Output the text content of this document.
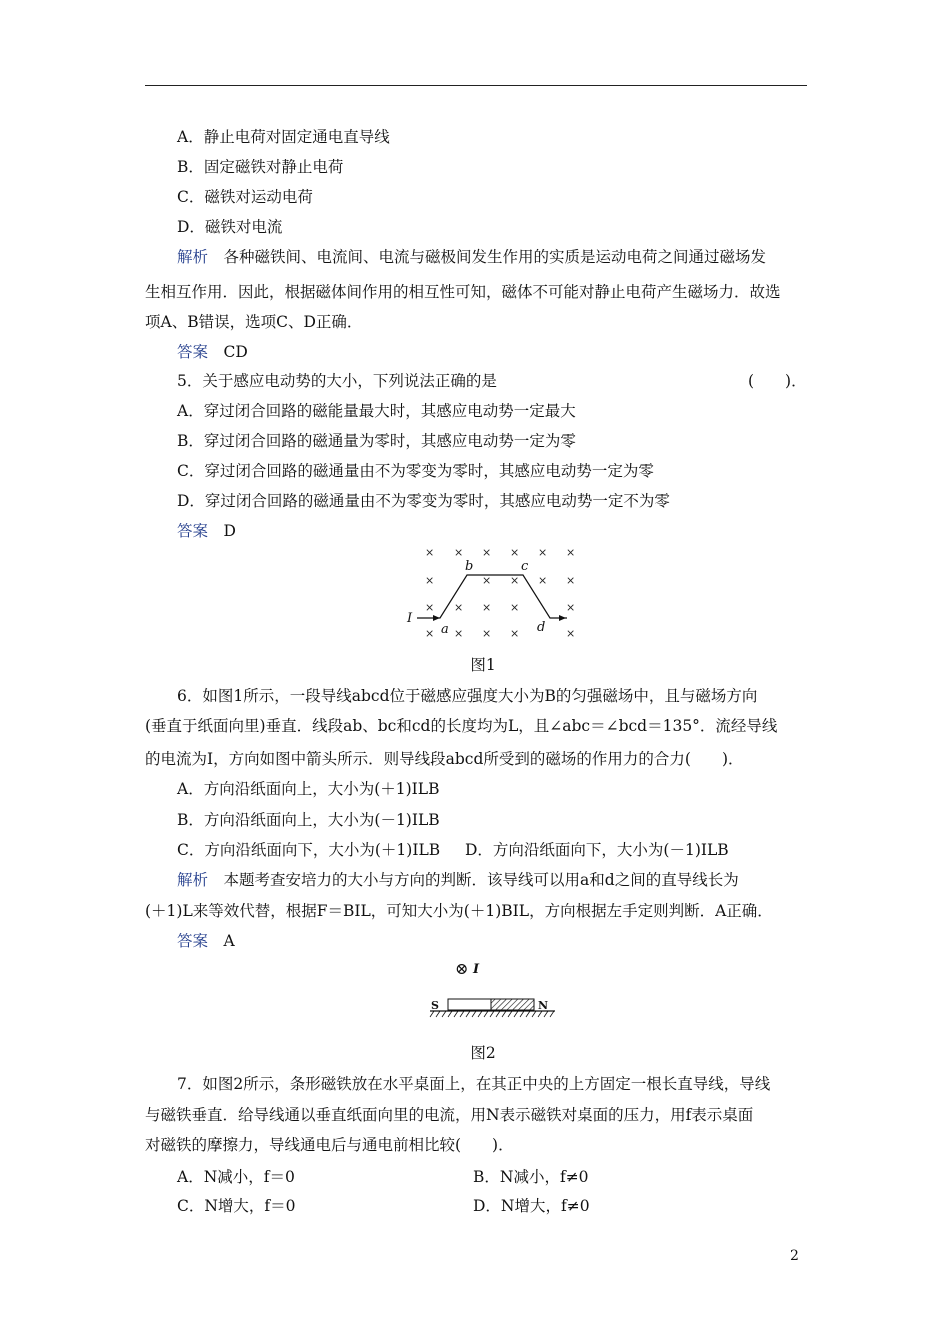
A．静止电荷对固定通电直导线
B．固定磁铁对静止电荷
C．磁铁对运动电荷
D．磁铁对电流
解析　 各种磁铁间、电流间、电流与磁极间发生作用的实质是运动电荷之间通过磁场发
生相互作用．因此，根据磁体间作用的相互性可知，磁体不可能对静止电荷产生磁场力．故选
项A、B错误，选项C、D正确．
答案　 CD
5．关于感应电动势的大小，下列说法正确的是	(　　)．
A．穿过闭合回路的磁能量最大时，其感应电动势一定最大
B．穿过闭合回路的磁通量为零时，其感应电动势一定为零
C．穿过闭合回路的磁通量由不为零变为零时，其感应电动势一定为零
D．穿过闭合回路的磁通量由不为零变为零时，其感应电动势一定不为零
答案　 D
× × × × × ×
×	× × × ×
× × × ×	×
× × × ×	×
I
a
b	c
d
图1
6．如图1所示，一段导线abcd位于磁感应强度大小为B的匀强磁场中，且与磁场方向
(垂直于纸面向里)垂直．线段ab、bc和cd的长度均为L，且∠abc＝∠bcd＝135°．流经导线
的电流为I，方向如图中箭头所示．则导线段abcd所受到的磁场的作用力的合力(　　)．
A．方向沿纸面向上，大小为(＋1)ILB
B．方向沿纸面向上，大小为(－1)ILB
C．方向沿纸面向下，大小为(＋1)ILB D．方向沿纸面向下，大小为(－1)ILB
解析　 本题考查安培力的大小与方向的判断．该导线可以用a和d之间的直导线长为
(＋1)L来等效代替，根据F＝BIL，可知大小为(＋1)BIL，方向根据左手定则判断．A正确．
答案　 A
⊗ I
S	N
图2
7．如图2所示，条形磁铁放在水平桌面上，在其正中央的上方固定一根长直导线，导线
与磁铁垂直．给导线通以垂直纸面向里的电流，用N表示磁铁对桌面的压力，用f表示桌面
对磁铁的摩擦力，导线通电后与通电前相比较(　　)．
A．N减小，f＝0	B．N减小，f≠0
C．N增大，f＝0	D．N增大，f≠0
2
